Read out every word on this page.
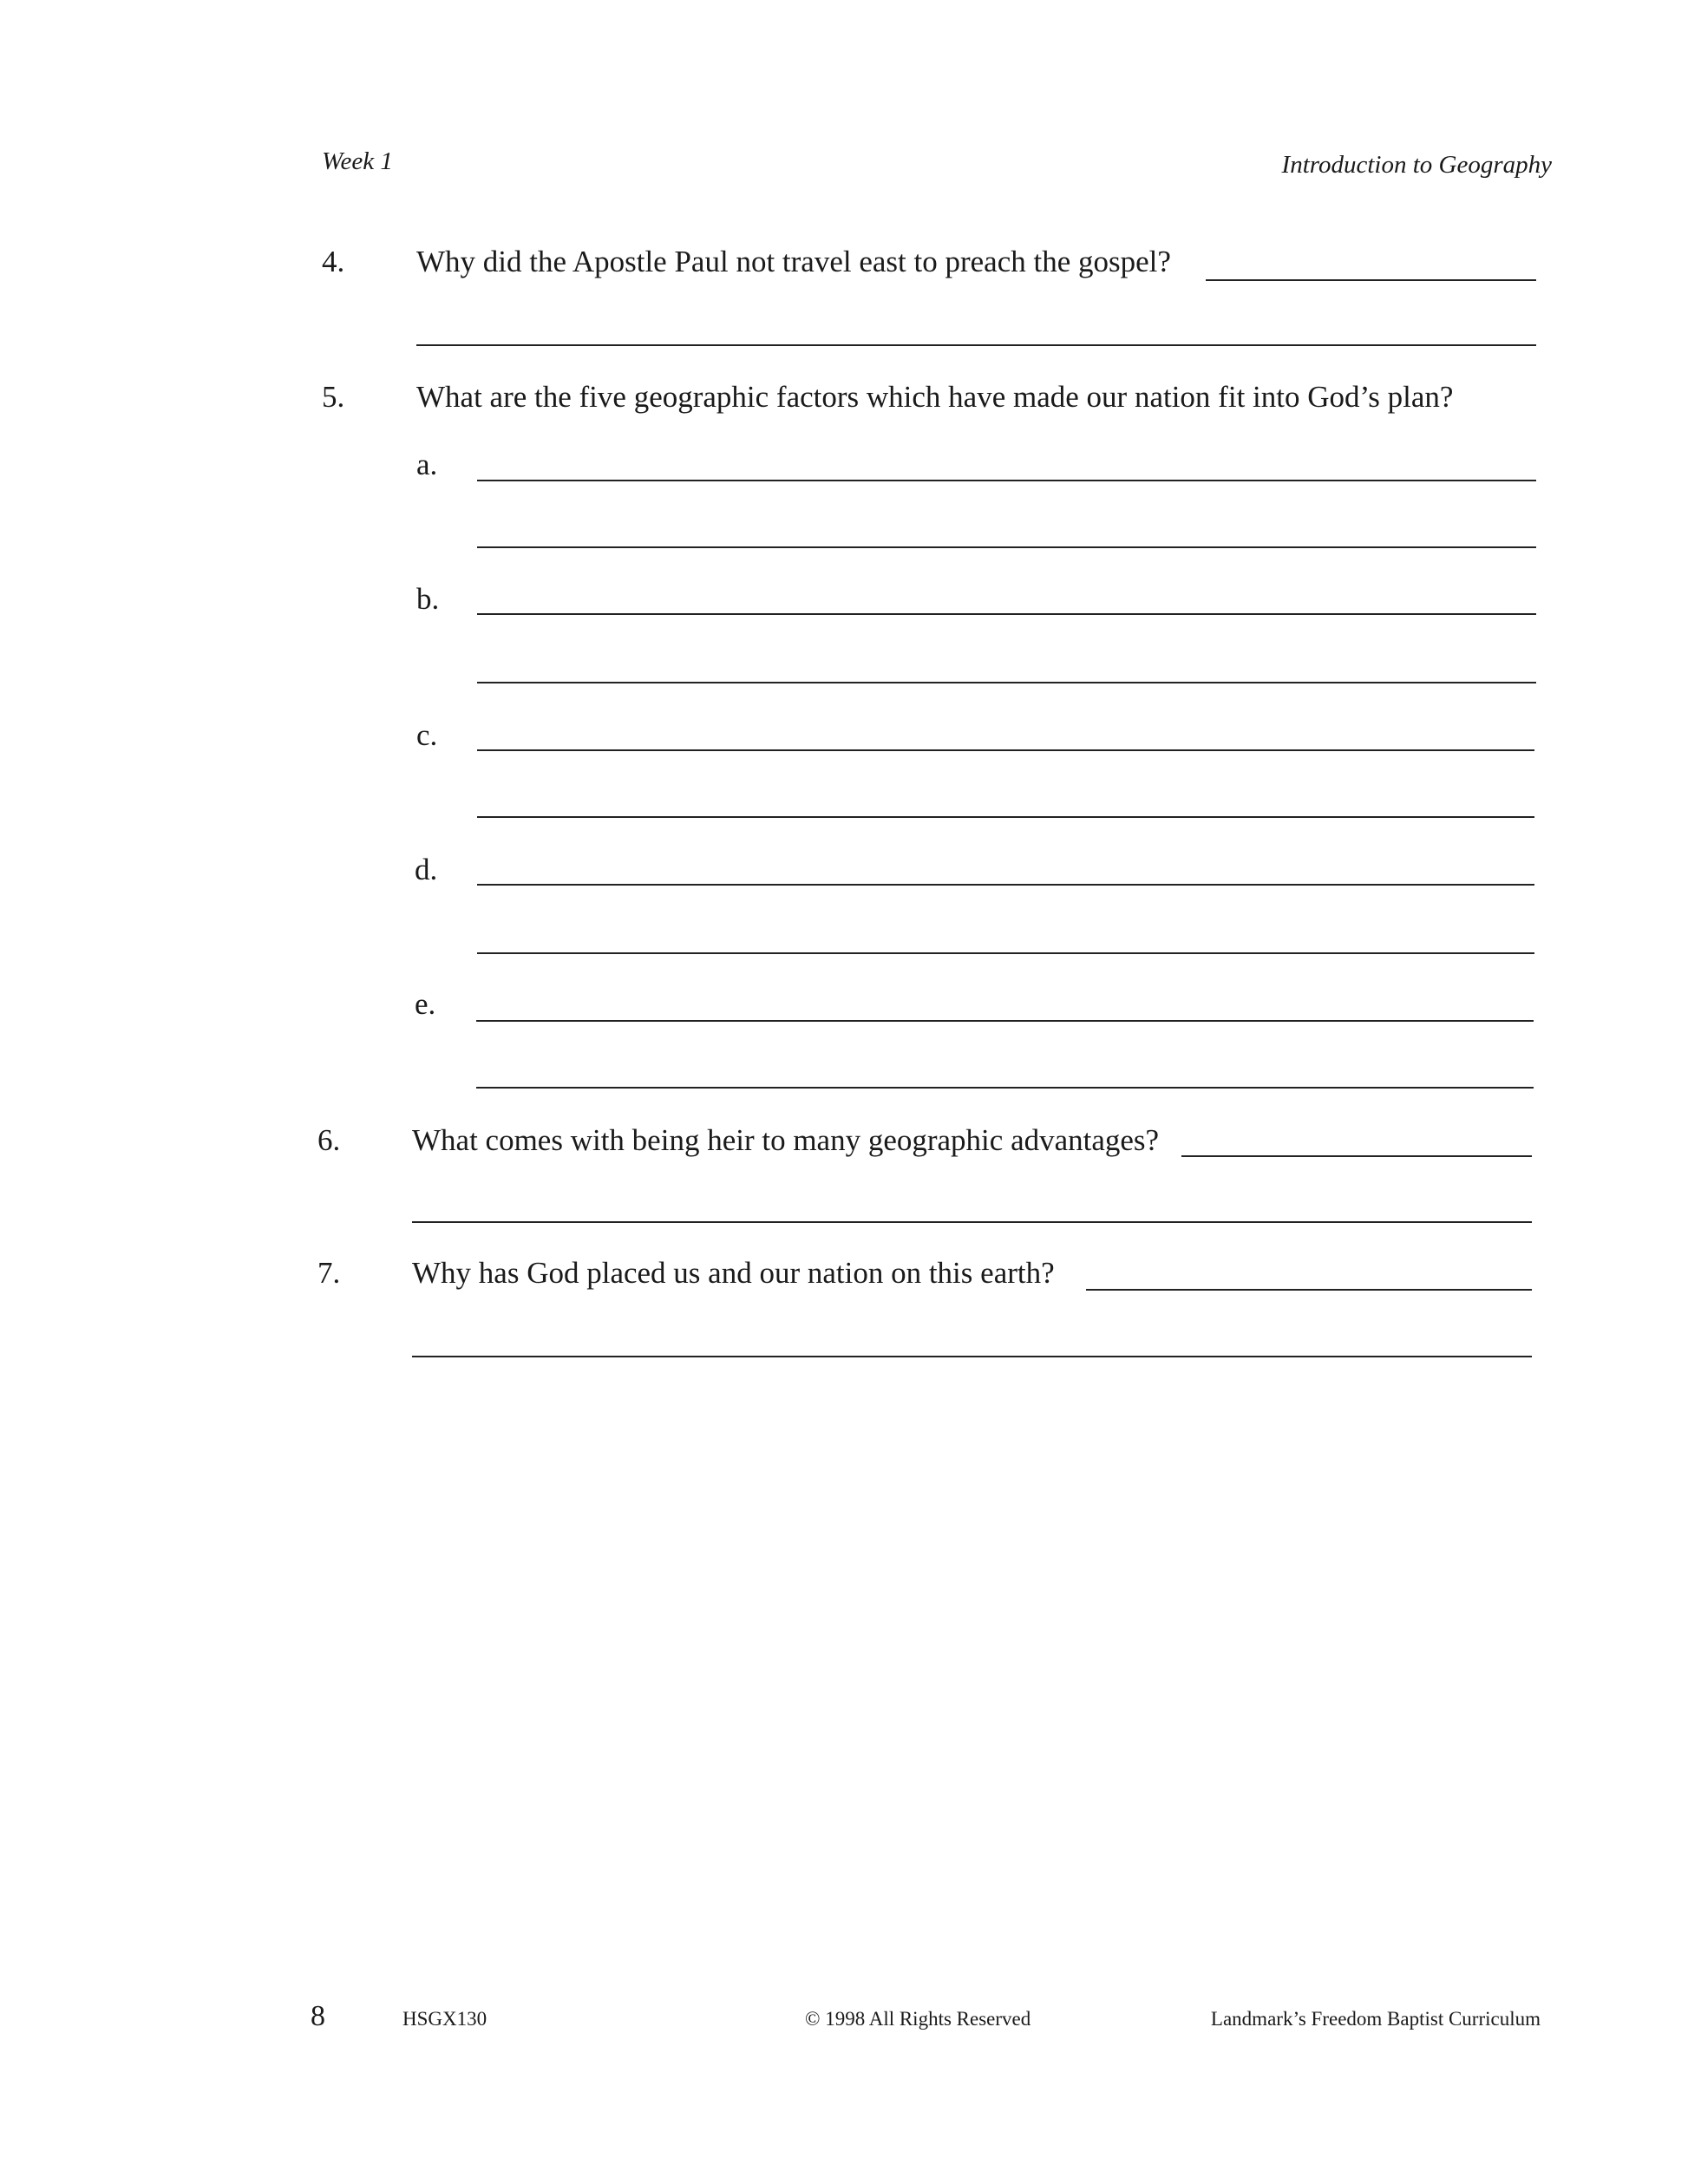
Week 1	Introduction to Geography
4. Why did the Apostle Paul not travel east to preach the gospel?
5. What are the five geographic factors which have made our nation fit into God’s plan?
a.
b.
c.
d.
e.
6. What comes with being heir to many geographic advantages?
7. Why has God placed us and our nation on this earth?
8	HSGX130	© 1998 All Rights Reserved	Landmark’s Freedom Baptist Curriculum
